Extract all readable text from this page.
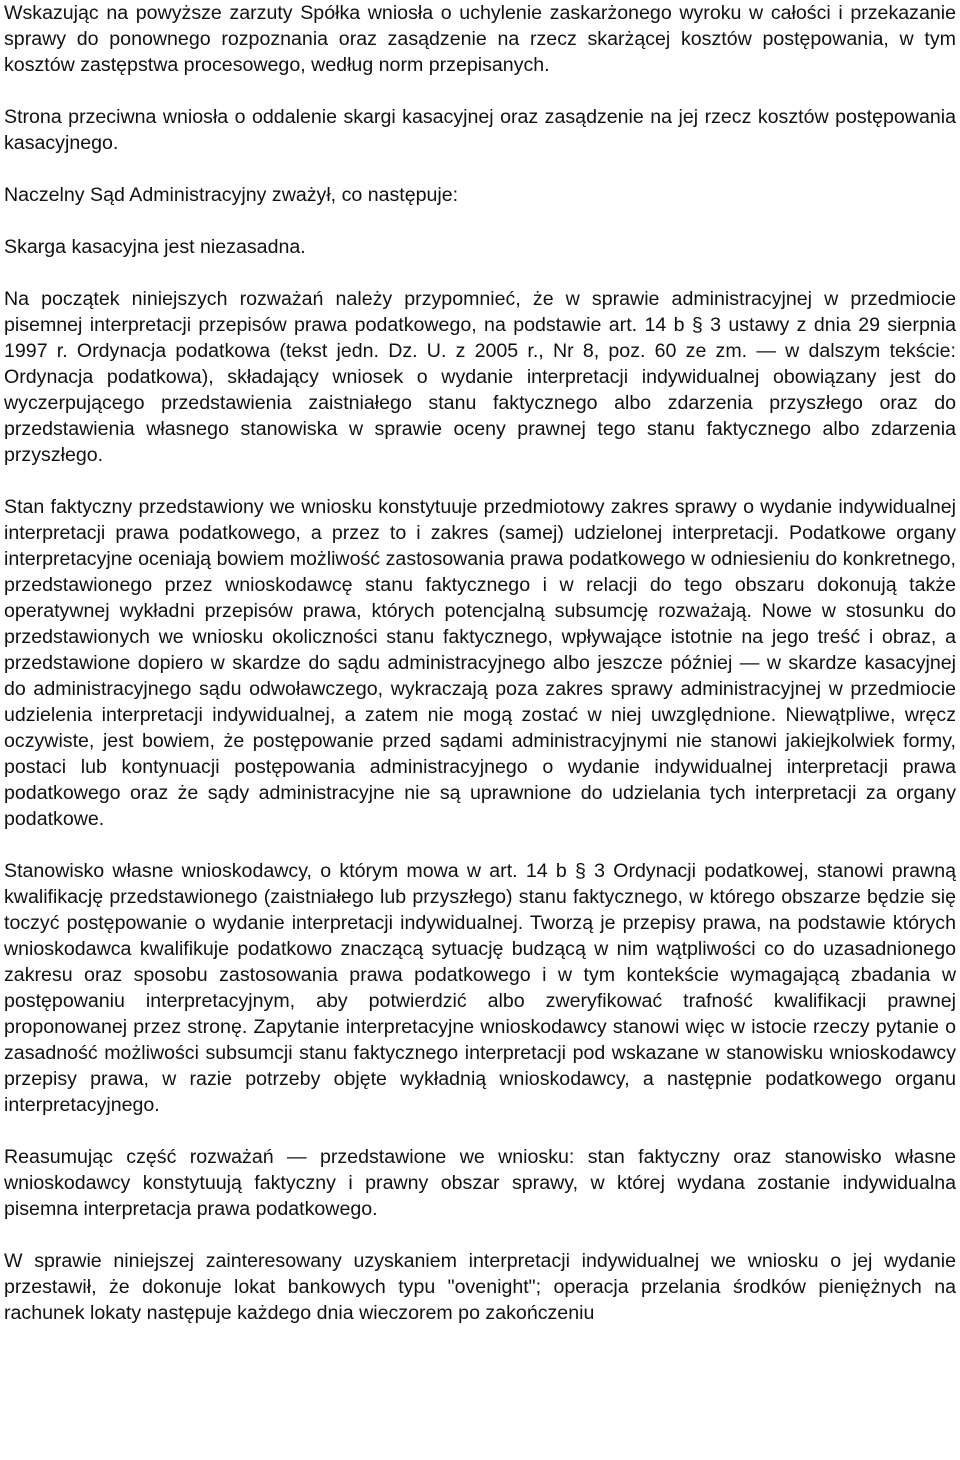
Wskazując na powyższe zarzuty Spółka wniosła o uchylenie zaskarżonego wyroku w całości i przekazanie sprawy do ponownego rozpoznania oraz zasądzenie na rzecz skarżącej kosztów postępowania, w tym kosztów zastępstwa procesowego, według norm przepisanych.

Strona przeciwna wniosła o oddalenie skargi kasacyjnej oraz zasądzenie na jej rzecz kosztów postępowania kasacyjnego.

Naczelny Sąd Administracyjny zważył, co następuje:

Skarga kasacyjna jest niezasadna.

Na początek niniejszych rozważań należy przypomnieć, że w sprawie administracyjnej w przedmiocie pisemnej interpretacji przepisów prawa podatkowego, na podstawie art. 14 b § 3 ustawy z dnia 29 sierpnia 1997 r. Ordynacja podatkowa (tekst jedn. Dz. U. z 2005 r., Nr 8, poz. 60 ze zm. — w dalszym tekście: Ordynacja podatkowa), składający wniosek o wydanie interpretacji indywidualnej obowiązany jest do wyczerpującego przedstawienia zaistniałego stanu faktycznego albo zdarzenia przyszłego oraz do przedstawienia własnego stanowiska w sprawie oceny prawnej tego stanu faktycznego albo zdarzenia przyszłego.

Stan faktyczny przedstawiony we wniosku konstytuuje przedmiotowy zakres sprawy o wydanie indywidualnej interpretacji prawa podatkowego, a przez to i zakres (samej) udzielonej interpretacji. Podatkowe organy interpretacyjne oceniają bowiem możliwość zastosowania prawa podatkowego w odniesieniu do konkretnego, przedstawionego przez wnioskodawcę stanu faktycznego i w relacji do tego obszaru dokonują także operatywnej wykładni przepisów prawa, których potencjalną subsumcję rozważają. Nowe w stosunku do przedstawionych we wniosku okoliczności stanu faktycznego, wpływające istotnie na jego treść i obraz, a przedstawione dopiero w skardze do sądu administracyjnego albo jeszcze później — w skardze kasacyjnej do administracyjnego sądu odwoławczego, wykraczają poza zakres sprawy administracyjnej w przedmiocie udzielenia interpretacji indywidualnej, a zatem nie mogą zostać w niej uwzględnione. Niewątpliwe, wręcz oczywiste, jest bowiem, że postępowanie przed sądami administracyjnymi nie stanowi jakiejkolwiek formy, postaci lub kontynuacji postępowania administracyjnego o wydanie indywidualnej interpretacji prawa podatkowego oraz że sądy administracyjne nie są uprawnione do udzielania tych interpretacji za organy podatkowe.

Stanowisko własne wnioskodawcy, o którym mowa w art. 14 b § 3 Ordynacji podatkowej, stanowi prawną kwalifikację przedstawionego (zaistniałego lub przyszłego) stanu faktycznego, w którego obszarze będzie się toczyć postępowanie o wydanie interpretacji indywidualnej. Tworzą je przepisy prawa, na podstawie których wnioskodawca kwalifikuje podatkowo znaczącą sytuację budzącą w nim wątpliwości co do uzasadnionego zakresu oraz sposobu zastosowania prawa podatkowego i w tym kontekście wymagającą zbadania w postępowaniu interpretacyjnym, aby potwierdzić albo zweryfikować trafność kwalifikacji prawnej proponowanej przez stronę. Zapytanie interpretacyjne wnioskodawcy stanowi więc w istocie rzeczy pytanie o zasadność możliwości subsumcji stanu faktycznego interpretacji pod wskazane w stanowisku wnioskodawcy przepisy prawa, w razie potrzeby objęte wykładnią wnioskodawcy, a następnie podatkowego organu interpretacyjnego.

Reasumując część rozważań — przedstawione we wniosku: stan faktyczny oraz stanowisko własne wnioskodawcy konstytuują faktyczny i prawny obszar sprawy, w której wydana zostanie indywidualna pisemna interpretacja prawa podatkowego.

W sprawie niniejszej zainteresowany uzyskaniem interpretacji indywidualnej we wniosku o jej wydanie przestawił, że dokonuje lokat bankowych typu "ovenight"; operacja przelania środków pieniężnych na rachunek lokaty następuje każdego dnia wieczorem po zakończeniu
